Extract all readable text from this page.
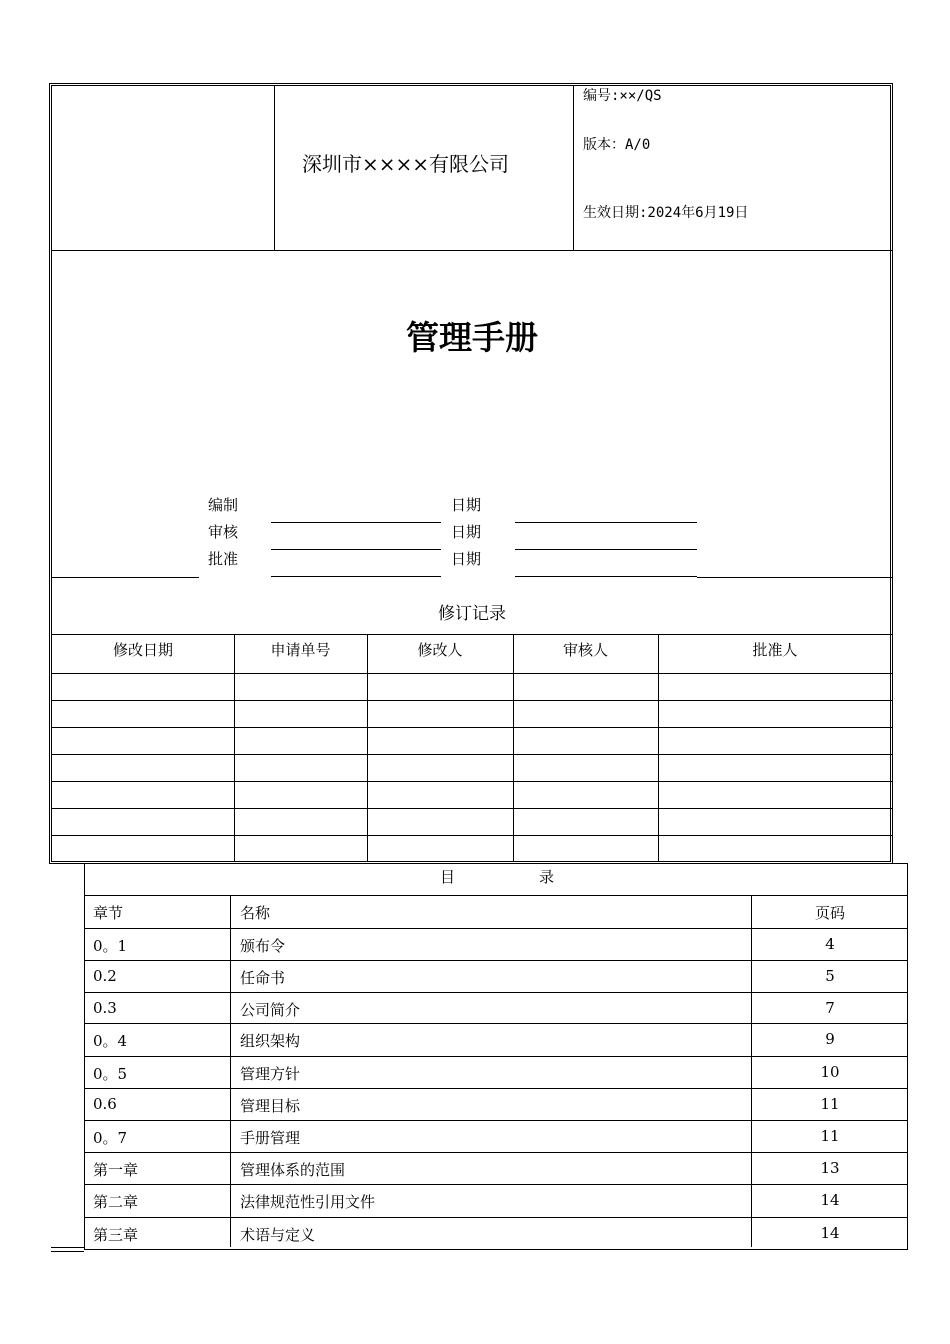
深圳市××××有限公司
编号:××/QS
版本：A/0
生效日期:2024年6月19日
管理手册
编制	日期
审核	日期
批准	日期
修订记录
修改日期	申请单号	修改人	审核人	批准人
目	录
章节	名称	页码
0。1	颁布令	4
0.2	任命书	5
0.3	公司简介	7
0。4	组织架构	9
0。5	管理方针	10
0.6	管理目标	11
0。7	手册管理	11
第一章	管理体系的范围	13
第二章	法律规范性引用文件	14
第三章	术语与定义	14
